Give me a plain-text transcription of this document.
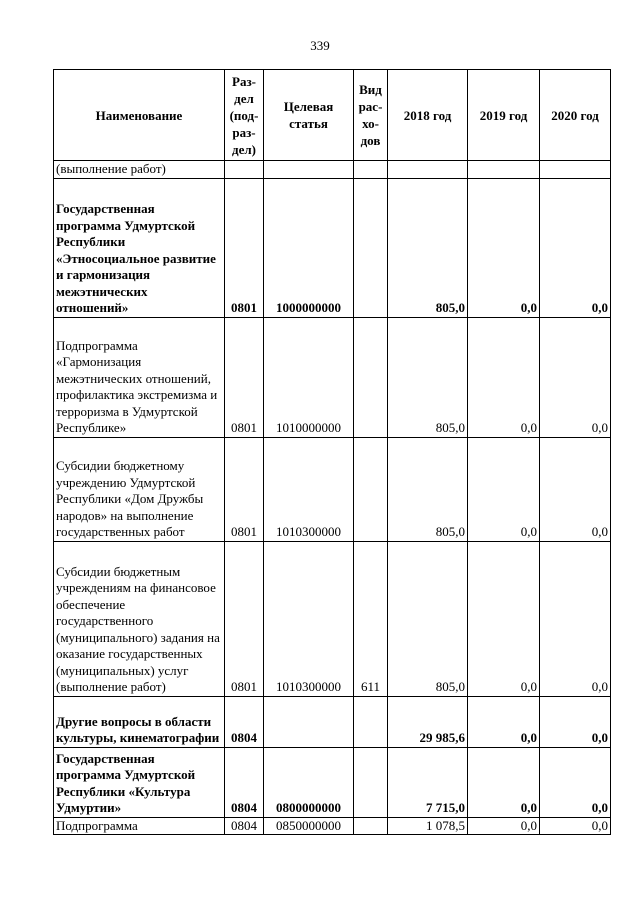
339
Наименование	Раз-
дел
(под-
раз-
дел)	Целевая
статья	Вид
рас-
хо-
дов	2018 год	2019 год	2020 год
(выполнение работ)						
Государственная программа Удмуртской Республики «Этносоциальное развитие и гармонизация межэтнических отношений»	0801	1000000000		805,0	0,0	0,0
Подпрограмма «Гармонизация межэтнических отношений, профилактика экстремизма и терроризма в Удмуртской Республике»	0801	1010000000		805,0	0,0	0,0
Субсидии бюджетному учреждению Удмуртской Республики «Дом Дружбы народов» на выполнение государственных работ	0801	1010300000		805,0	0,0	0,0
Субсидии бюджетным учреждениям на финансовое обеспечение государственного (муниципального) задания на оказание государственных (муниципальных) услуг (выполнение работ)	0801	1010300000	611	805,0	0,0	0,0
Другие вопросы в области культуры, кинематографии	0804			29 985,6	0,0	0,0
Государственная программа Удмуртской Республики «Культура Удмуртии»	0804	0800000000		7 715,0	0,0	0,0
Подпрограмма	0804	0850000000		1 078,5	0,0	0,0
